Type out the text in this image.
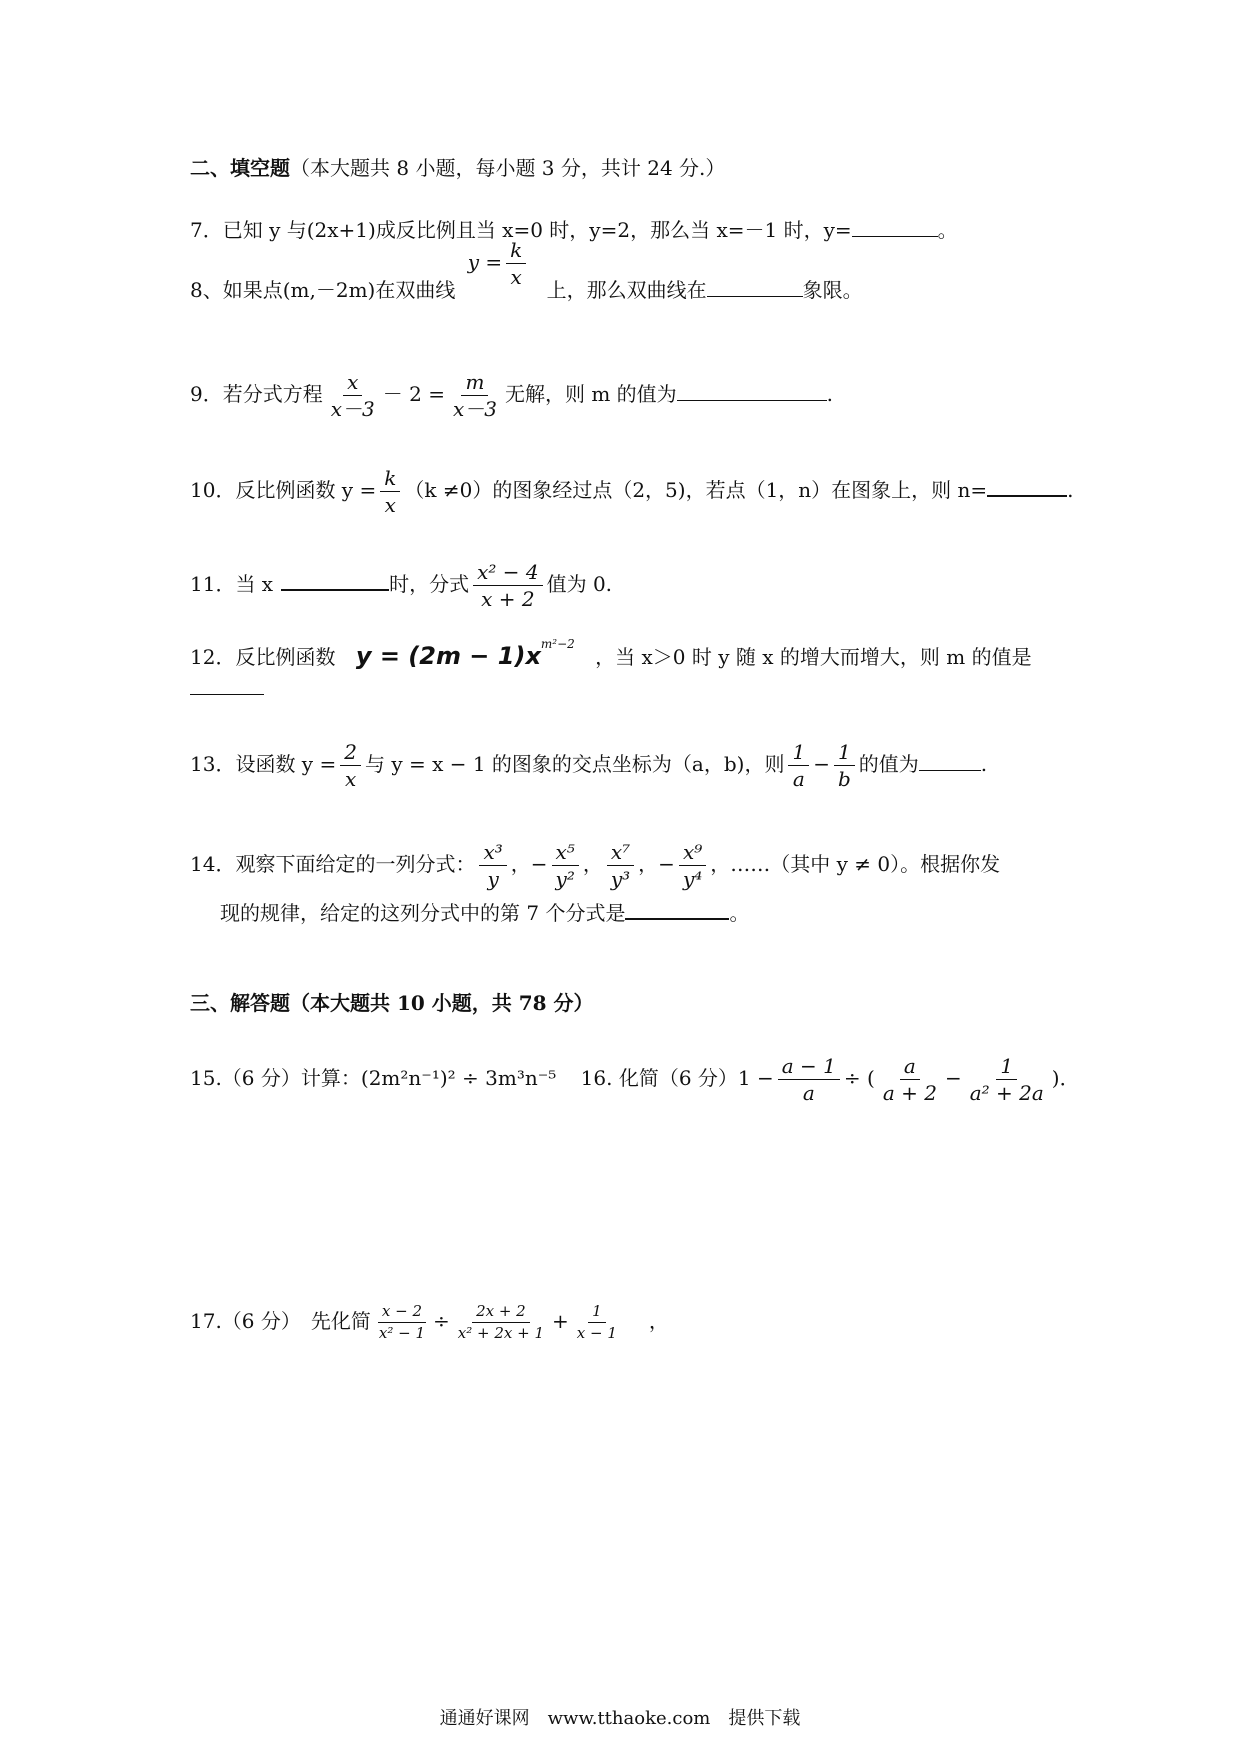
二、填空题（本大题共 8 小题，每小题 3 分，共计 24 分.）
7．已知 y 与(2x+1)成反比例且当 x=0 时，y=2，那么当 x=－1 时，y=	。
8、如果点(m,－2m)在双曲线 $y = \frac{k}{x}$
上，那么双曲线在	象限。
9．若分式方程 $\frac{x}{x-3} - 2 = \frac{m}{x-3}$ 无解，则 m 的值为	.
10．反比例函数 $y = \frac{k}{x} (k \ne 0)$的图象经过点（2，5)，若点（1，n）在图象上，则 n=	.
11．当 x	时，分式 $\frac{\text{x² − 4}}{x + 2}$ 值为 0.
12．反比例函数 $y = (2m - 1)x^{m^2-2}$ ，当 x＞0 时 y 随 x 的增大而增大，则 m 的值是
13．设函数 $y = \frac{2}{x}$ 与 y = x − 1 的图象的交点坐标为（a，b)，则 $\frac{1}{a} - \frac{1}{b}$ 的值为	.
14．观察下面给定的一列分式： $\frac{\text{x³}}{y}$ ，− $\frac{\text{x⁵}}{\text{y²}}$ ， $\frac{\text{x⁷}}{\text{y³}}$ ，− $\frac{\text{x⁹}}{\text{y⁴}}$ ，……（其中 y ≠ 0）。根据你发
现的规律，给定的这列分式中的第 7 个分式是	。
三、解答题（本大题共 10 小题，共 78 分）
15.（6 分）计算：(2m²n⁻¹)² ÷ 3m³n⁻⁵ 16. 化简（6 分）$1 - \frac{a - 1}{a}$ ÷ ( $\frac{a}{a + 2} - \frac{1}{\text{a² + 2a}}$ )．
17.（6 分）　先化简 $\frac{x - 2}{\text{x² − 1}} \div \frac{2x + 2}{\text{x² + 2x + 1}} + \frac{1}{x - 1}$ ，
通通好课网　www.tthaoke.com　提供下载
